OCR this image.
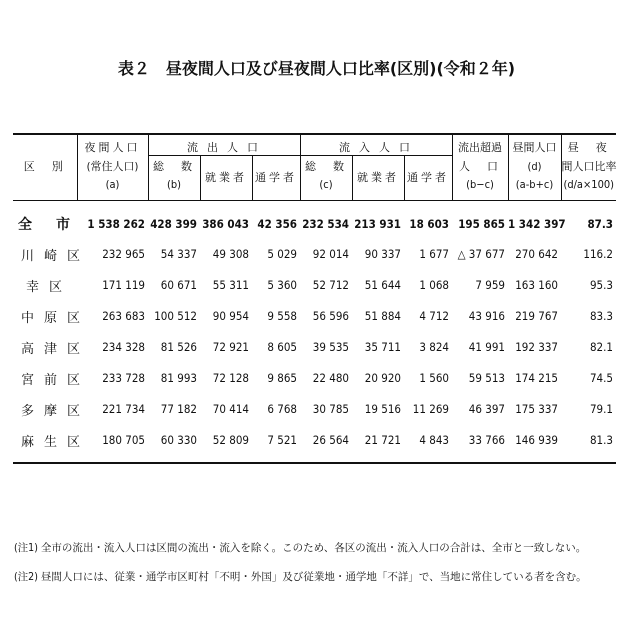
表２　昼夜間人口及び昼夜間人口比率(区別)(令和２年)
区　別	夜間人口	流出人口			流入人口			流出超過	昼間人口	昼　夜
	(常住人口)	総　数	就業者	通学者	総　数	就業者	通学者	人　口	(d)	間人口比率
	(a)	(b)			(c)			(b−c)	(a-b+c)	(d/a×100)
全市	1 538 262	428 399	386 043	42 356	232 534	213 931	18 603	195 865	1 342 397	87.3
川崎区	232 965	54 337	49 308	5 029	92 014	90 337	1 677	△ 37 677	270 642	116.2
幸区	171 119	60 671	55 311	5 360	52 712	51 644	1 068	7 959	163 160	95.3
中原区	263 683	100 512	90 954	9 558	56 596	51 884	4 712	43 916	219 767	83.3
高津区	234 328	81 526	72 921	8 605	39 535	35 711	3 824	41 991	192 337	82.1
宮前区	233 728	81 993	72 128	9 865	22 480	20 920	1 560	59 513	174 215	74.5
多摩区	221 734	77 182	70 414	6 768	30 785	19 516	11 269	46 397	175 337	79.1
麻生区	180 705	60 330	52 809	7 521	26 564	21 721	4 843	33 766	146 939	81.3

(注1) 全市の流出・流入人口は区間の流出・流入を除く。このため、各区の流出・流入人口の合計は、全市と一致しない。
(注2) 昼間人口には、従業・通学市区町村「不明・外国」及び従業地・通学地「不詳」で、当地に常住している者を含む。
